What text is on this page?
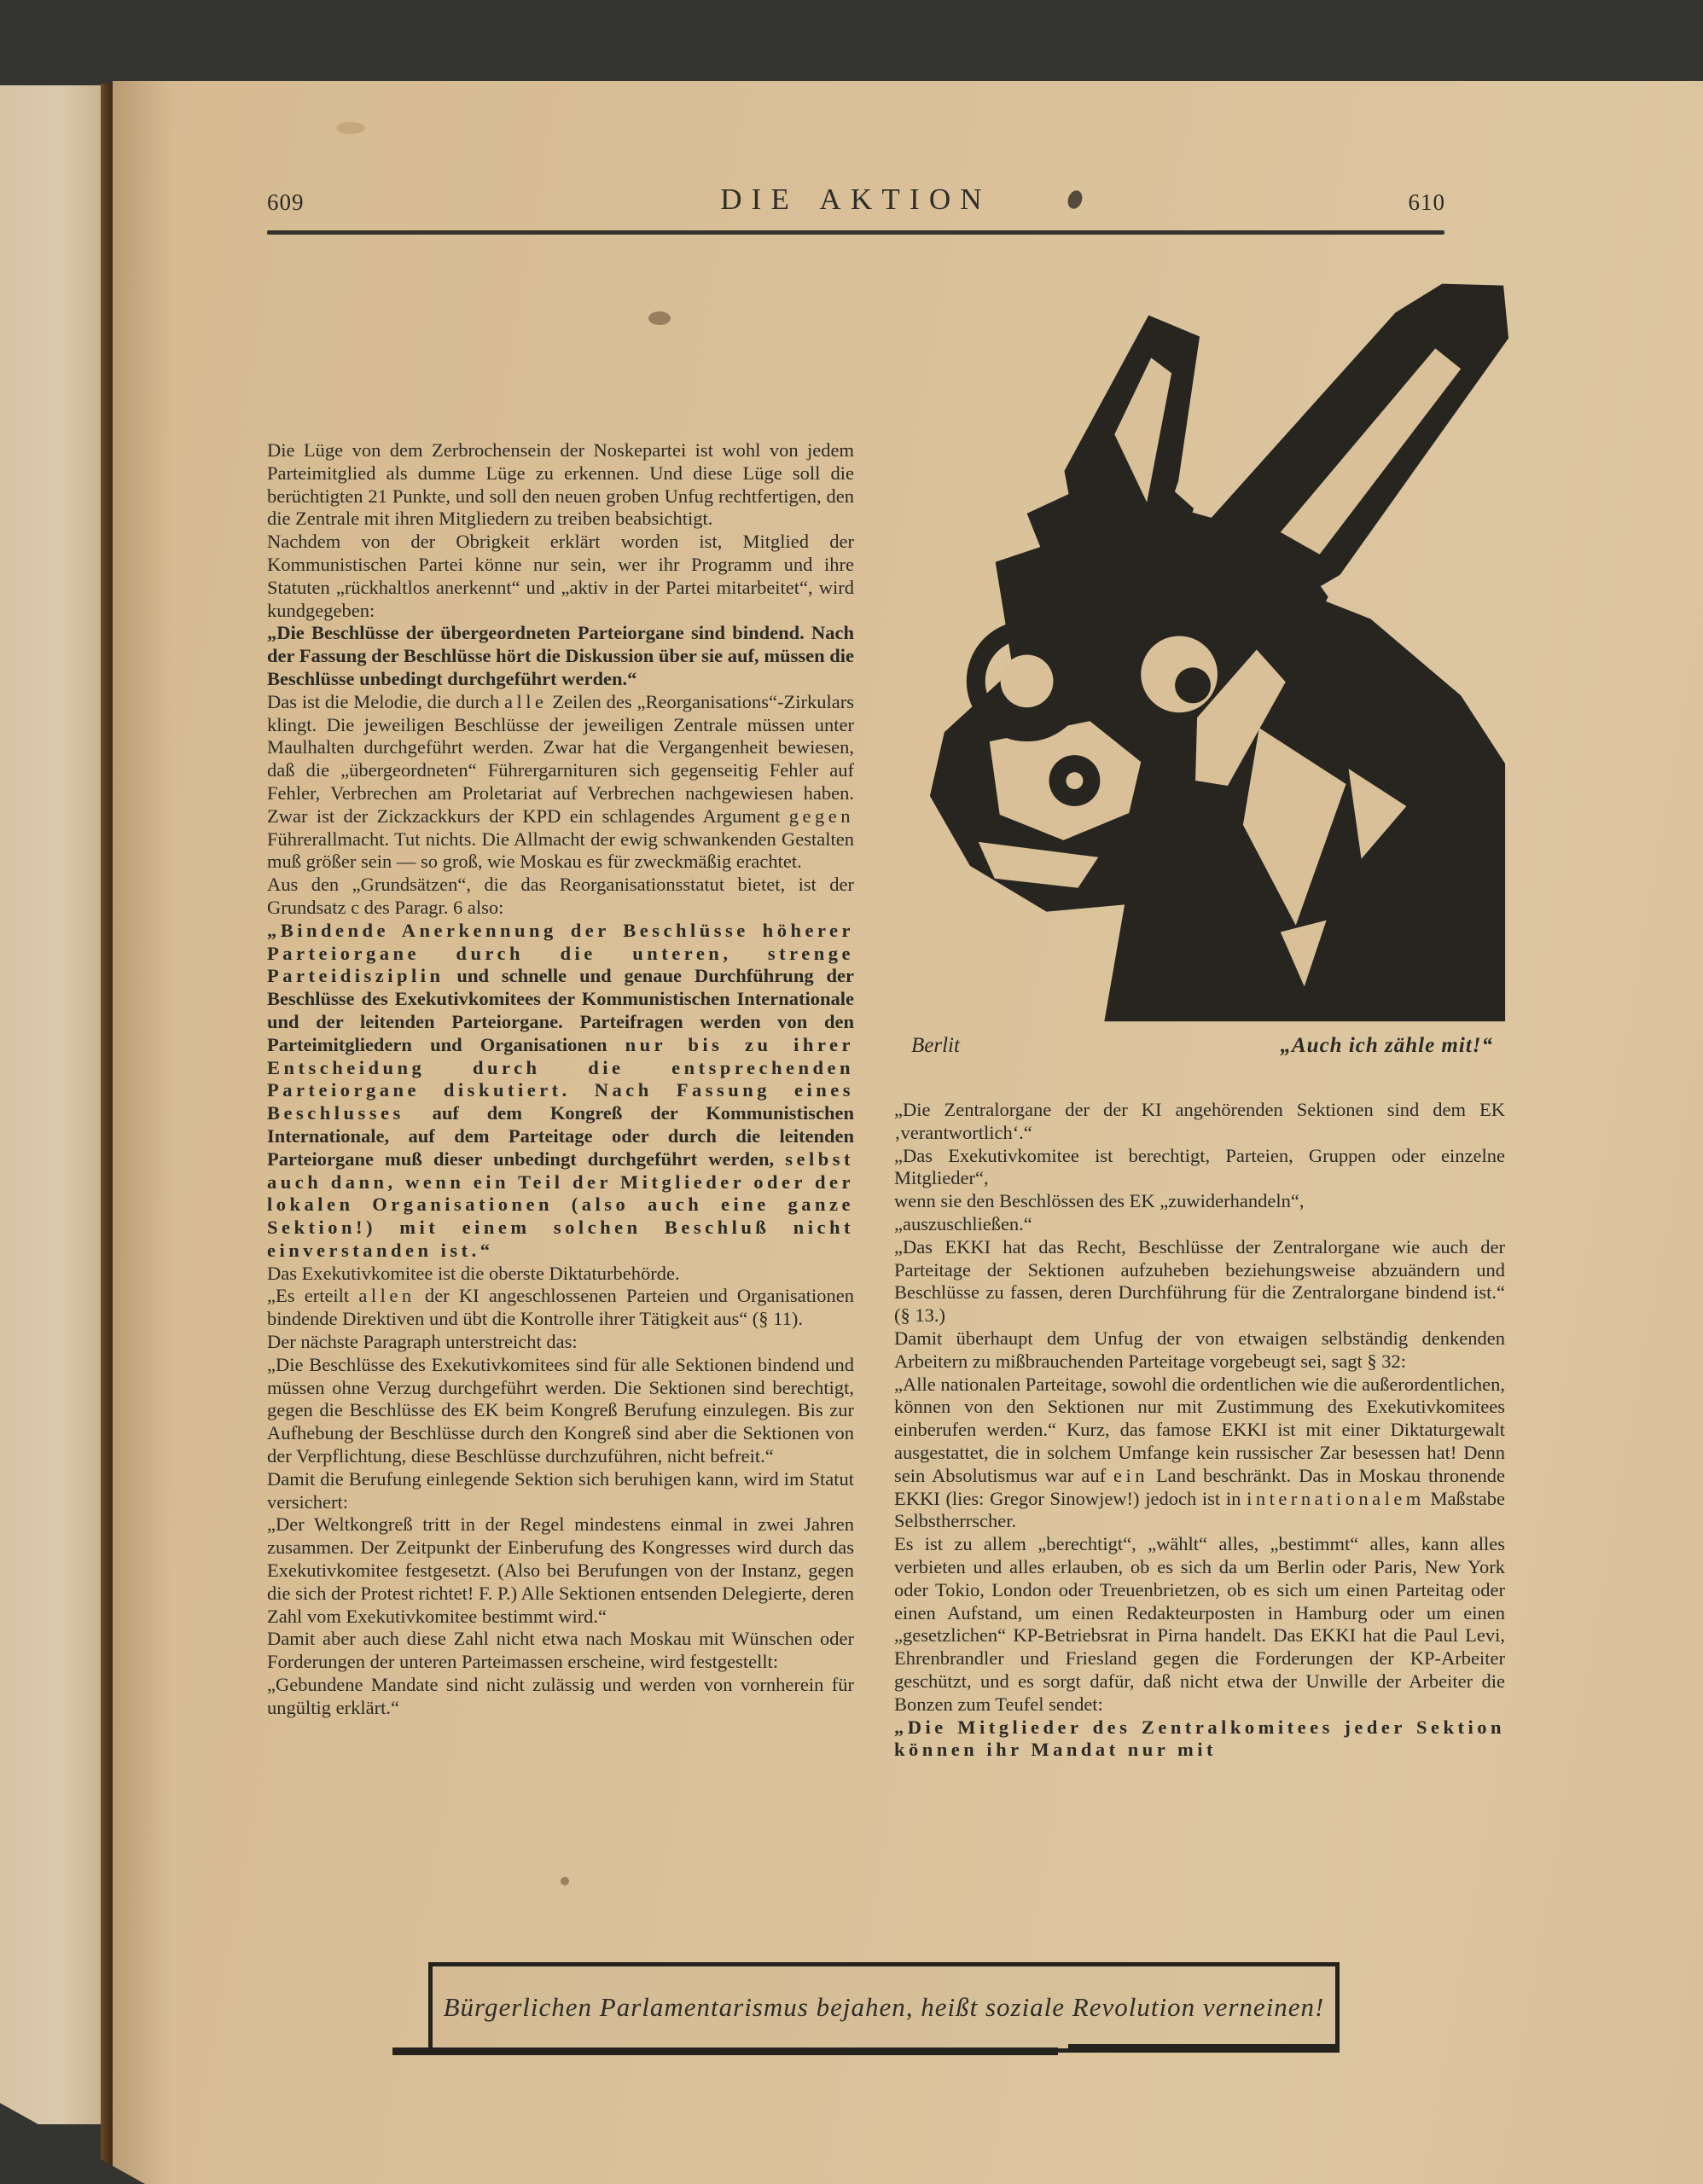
609	DIE AKTION	610
Die Lüge von dem Zerbrochensein der Noskepartei ist wohl von jedem Parteimitglied als dumme Lüge zu erkennen. Und diese Lüge soll die berüchtigten 21 Punkte, und soll den neuen groben Unfug rechtfertigen, den die Zentrale mit ihren Mitgliedern zu treiben beabsichtigt.
Nachdem von der Obrigkeit erklärt worden ist, Mitglied der Kommunistischen Partei könne nur sein, wer ihr Programm und ihre Statuten „rückhaltlos anerkennt“ und „aktiv in der Partei mitarbeitet“, wird kundgegeben:
„Die Beschlüsse der übergeordneten Parteiorgane sind bindend. Nach der Fassung der Beschlüsse hört die Diskussion über sie auf, müssen die Beschlüsse unbedingt durchgeführt werden.“
Das ist die Melodie, die durch alle Zeilen des „Reorganisations“-Zirkulars klingt. Die jeweiligen Beschlüsse der jeweiligen Zentrale müssen unter Maulhalten durchgeführt werden. Zwar hat die Vergangenheit bewiesen, daß die „übergeordneten“ Führergarnituren sich gegenseitig Fehler auf Fehler, Verbrechen am Proletariat auf Verbrechen nachgewiesen haben. Zwar ist der Zickzackkurs der KPD ein schlagendes Argument gegen Führerallmacht. Tut nichts. Die Allmacht der ewig schwankenden Gestalten muß größer sein — so groß, wie Moskau es für zweckmäßig erachtet.
Aus den „Grundsätzen“, die das Reorganisationsstatut bietet, ist der Grundsatz c des Paragr. 6 also:
„Bindende Anerkennung der Beschlüsse höherer Parteiorgane durch die unteren, strenge Parteidisziplin und schnelle und genaue Durchführung der Beschlüsse des Exekutivkomitees der Kommunistischen Internationale und der leitenden Parteiorgane. Parteifragen werden von den Parteimitgliedern und Organisationen nur bis zu ihrer Entscheidung durch die entsprechenden Parteiorgane diskutiert. Nach Fassung eines Beschlusses auf dem Kongreß der Kommunistischen Internationale, auf dem Parteitage oder durch die leitenden Parteiorgane muß dieser unbedingt durchgeführt werden, selbst auch dann, wenn ein Teil der Mitglieder oder der lokalen Organisationen (also auch eine ganze Sektion!) mit einem solchen Beschluß nicht einverstanden ist.“
Das Exekutivkomitee ist die oberste Diktaturbehörde.
„Es erteilt allen der KI angeschlossenen Parteien und Organisationen bindende Direktiven und übt die Kontrolle ihrer Tätigkeit aus“ (§ 11).
Der nächste Paragraph unterstreicht das:
„Die Beschlüsse des Exekutivkomitees sind für alle Sektionen bindend und müssen ohne Verzug durchgeführt werden. Die Sektionen sind berechtigt, gegen die Beschlüsse des EK beim Kongreß Berufung einzulegen. Bis zur Aufhebung der Beschlüsse durch den Kongreß sind aber die Sektionen von der Verpflichtung, diese Beschlüsse durchzuführen, nicht befreit.“
Damit die Berufung einlegende Sektion sich beruhigen kann, wird im Statut versichert:
„Der Weltkongreß tritt in der Regel mindestens einmal in zwei Jahren zusammen. Der Zeitpunkt der Einberufung des Kongresses wird durch das Exekutivkomitee festgesetzt. (Also bei Berufungen von der Instanz, gegen die sich der Protest richtet! F. P.) Alle Sektionen entsenden Delegierte, deren Zahl vom Exekutivkomitee bestimmt wird.“
Damit aber auch diese Zahl nicht etwa nach Moskau mit Wünschen oder Forderungen der unteren Parteimassen erscheine, wird festgestellt:
„Gebundene Mandate sind nicht zulässig und werden von vornherein für ungültig erklärt.“
Berlit	„Auch ich zähle mit!“
„Die Zentralorgane der der KI angehörenden Sektionen sind dem EK ‚verantwortlich‘.“
„Das Exekutivkomitee ist berechtigt, Parteien, Gruppen oder einzelne Mitglieder“,
wenn sie den Beschlössen des EK „zuwiderhandeln“,
„auszuschließen.“
„Das EKKI hat das Recht, Beschlüsse der Zentralorgane wie auch der Parteitage der Sektionen aufzuheben beziehungsweise abzuändern und Beschlüsse zu fassen, deren Durchführung für die Zentralorgane bindend ist.“ (§ 13.)
Damit überhaupt dem Unfug der von etwaigen selbständig denkenden Arbeitern zu mißbrauchenden Parteitage vorgebeugt sei, sagt § 32:
„Alle nationalen Parteitage, sowohl die ordentlichen wie die außerordentlichen, können von den Sektionen nur mit Zustimmung des Exekutivkomitees einberufen werden.“ Kurz, das famose EKKI ist mit einer Diktaturgewalt ausgestattet, die in solchem Umfange kein russischer Zar besessen hat! Denn sein Absolutismus war auf ein Land beschränkt. Das in Moskau thronende EKKI (lies: Gregor Sinowjew!) jedoch ist in internationalem Maßstabe Selbstherrscher.
Es ist zu allem „berechtigt“, „wählt“ alles, „bestimmt“ alles, kann alles verbieten und alles erlauben, ob es sich da um Berlin oder Paris, New York oder Tokio, London oder Treuenbrietzen, ob es sich um einen Parteitag oder einen Aufstand, um einen Redakteurposten in Hamburg oder um einen „gesetzlichen“ KP-Betriebsrat in Pirna handelt. Das EKKI hat die Paul Levi, Ehrenbrandler und Friesland gegen die Forderungen der KP-Arbeiter geschützt, und es sorgt dafür, daß nicht etwa der Unwille der Arbeiter die Bonzen zum Teufel sendet:
„Die Mitglieder des Zentralkomitees jeder Sektion können ihr Mandat nur mit
Bürgerlichen Parlamentarismus bejahen, heißt soziale Revolution verneinen!
